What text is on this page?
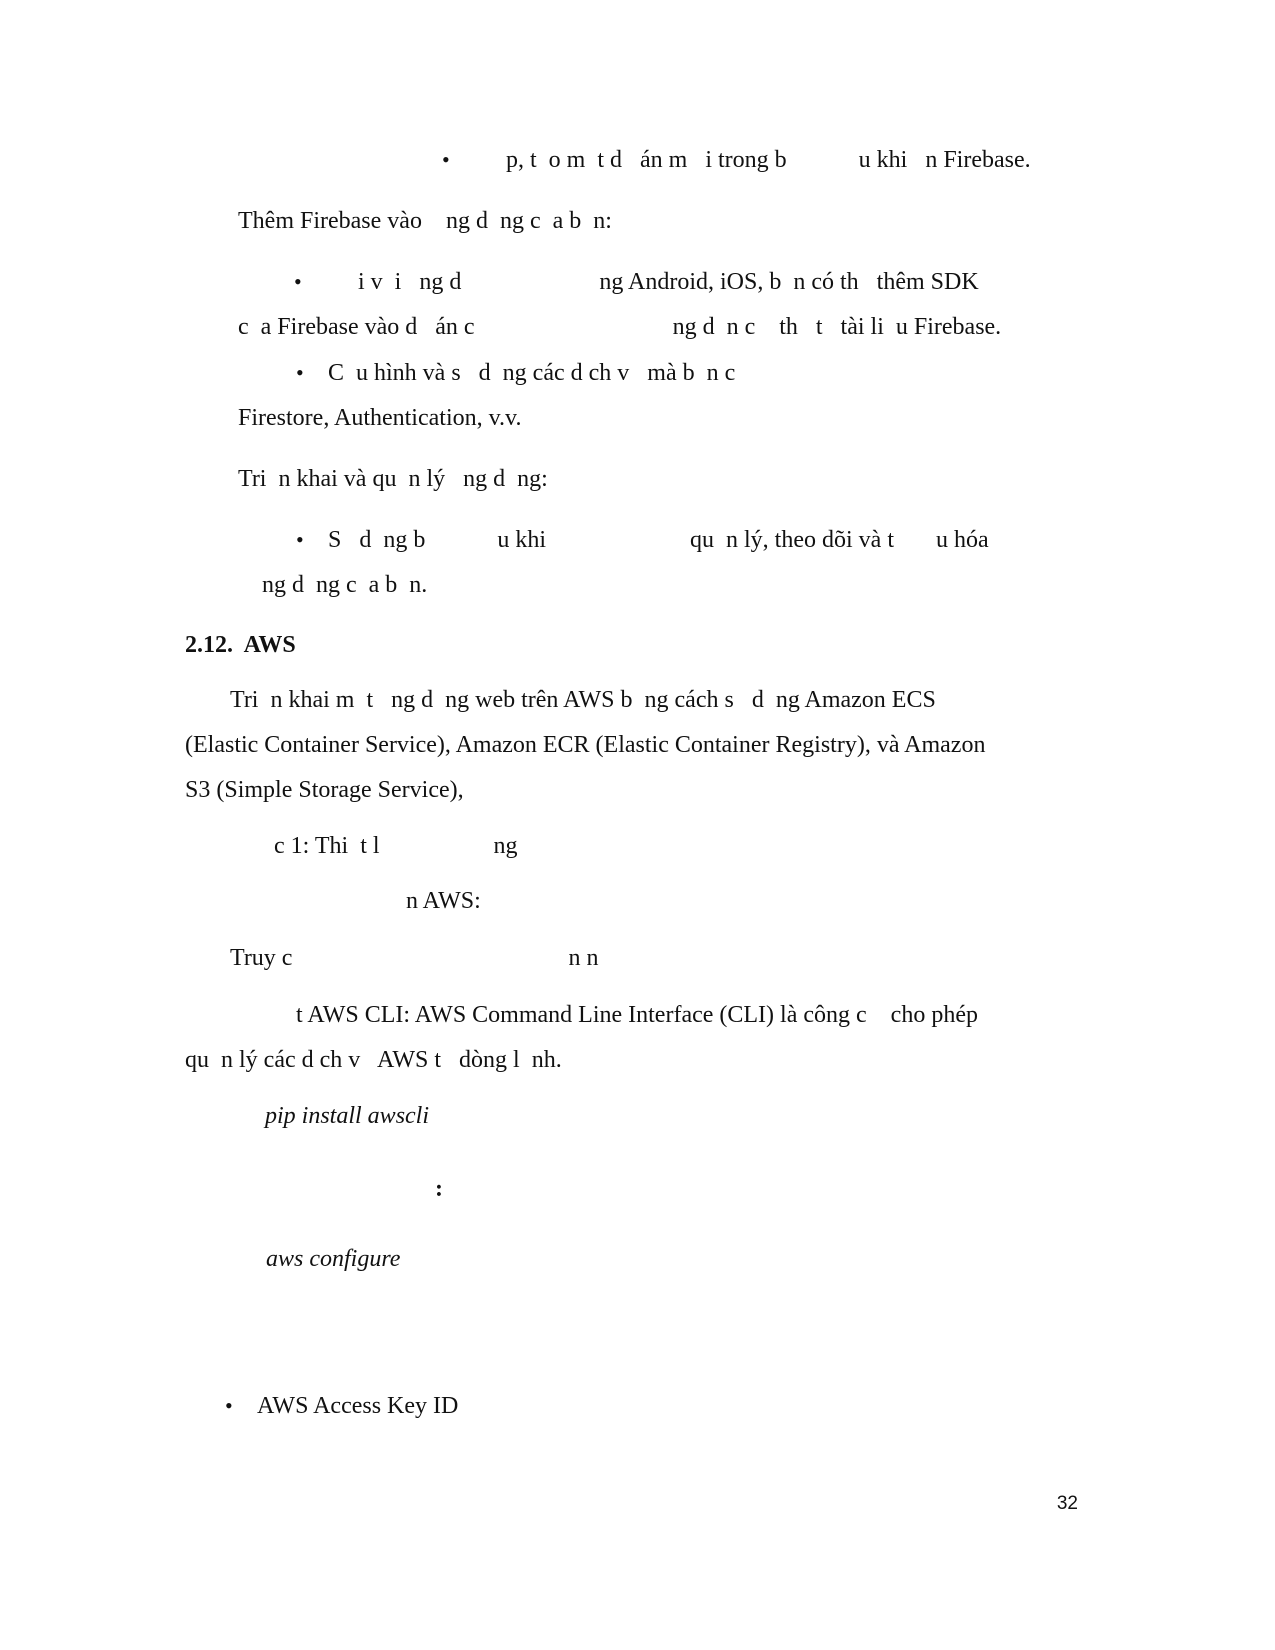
• p, t  o m  t d   án m   i trong b            u khi   n Firebase.
Thêm Firebase vào    ng d  ng c  a b  n:
• i v  i   ng d                       ng Android, iOS, b  n có th   thêm SDK
c  a Firebase vào d   án c                                 ng d  n c    th   t   tài li  u Firebase.
• C  u hình và s   d  ng các d ch v   mà b  n c
Firestore, Authentication, v.v.
Tri  n khai và qu  n lý   ng d  ng:
• S   d  ng b            u khi                        qu  n lý, theo dõi và t       u hóa
ng d  ng c  a b  n.
2.12.  AWS
Tri  n khai m  t   ng d  ng web trên AWS b  ng cách s   d  ng Amazon ECS
(Elastic Container Service), Amazon ECR (Elastic Container Registry), và Amazon
S3 (Simple Storage Service),
c 1: Thi  t l                   ng
n AWS:
Truy c                                              n n
t AWS CLI: AWS Command Line Interface (CLI) là công c    cho phép
qu  n lý các d ch v   AWS t   dòng l  nh.
pip install awscli
:
aws configure
• AWS Access Key ID
32
